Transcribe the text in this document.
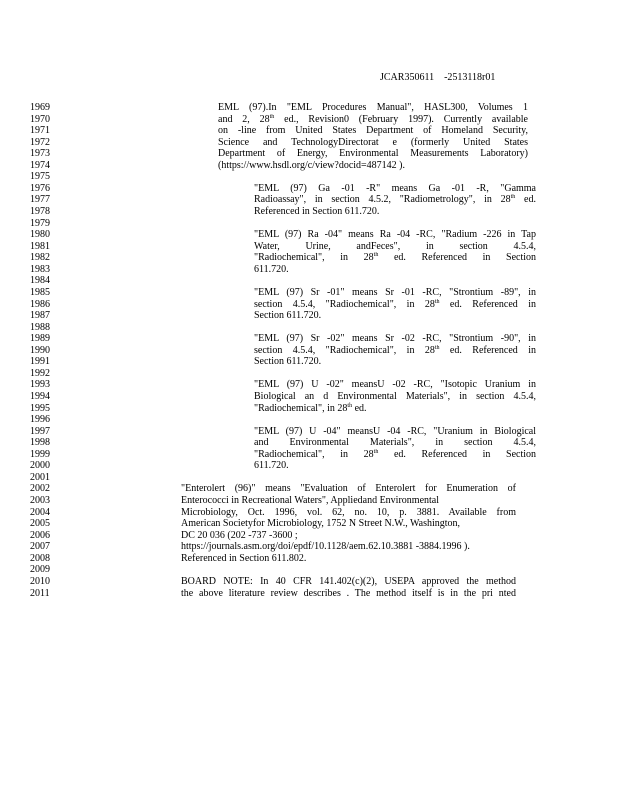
JCAR350611    -2513118r01
1969	EML (97).In "EML Procedures Manual", HASL300, Volumes 1
1970	and 2, 28th ed., Revision0 (February 1997). Currently available
1971	on -line from United States Department of Homeland Security,
1972	Science and TechnologyDirectorat e (formerly United States
1973	Department of Energy, Environmental Measurements Laboratory)
1974	(https://www.hsdl.org/c/view?docid=487142 ).
1975
1976	"EML (97) Ga -01 -R" means Ga -01 -R, "Gamma
1977	Radioassay", in section 4.5.2, "Radiometrology", in 28th ed.
1978	Referenced in Section 611.720.
1979
1980	"EML (97) Ra -04" means Ra -04 -RC, "Radium -226 in Tap
1981	Water, Urine, andFeces", in section 4.5.4,
1982	"Radiochemical", in 28th ed. Referenced in Section
1983	611.720.
1984
1985	"EML (97) Sr -01" means Sr -01 -RC, "Strontium -89", in
1986	section 4.5.4, "Radiochemical", in 28th ed. Referenced in
1987	Section 611.720.
1988
1989	"EML (97) Sr -02" means Sr -02 -RC, "Strontium -90", in
1990	section 4.5.4, "Radiochemical", in 28th ed. Referenced in
1991	Section 611.720.
1992
1993	"EML (97) U -02" meansU -02 -RC, "Isotopic Uranium in
1994	Biological an d Environmental Materials", in section 4.5.4,
1995	"Radiochemical", in 28th ed.
1996
1997	"EML (97) U -04" meansU -04 -RC, "Uranium in Biological
1998	and Environmental Materials", in section 4.5.4,
1999	"Radiochemical", in 28th ed. Referenced in Section
2000	611.720.
2001
2002	"Enterolert (96)" means "Evaluation of Enterolert for Enumeration of
2003	Enterococci in Recreational Waters", Appliedand Environmental
2004	Microbiology, Oct. 1996, vol. 62, no. 10, p. 3881. Available from
2005	American Societyfor Microbiology, 1752 N Street N.W., Washington,
2006	DC 20 036 (202 -737 -3600 ;
2007	https://journals.asm.org/doi/epdf/10.1128/aem.62.10.3881 -3884.1996 ).
2008	Referenced in Section 611.802.
2009
2010	BOARD NOTE: In 40 CFR 141.402(c)(2), USEPA approved the method
2011	the above literature review describes . The method itself is in the pri nted
